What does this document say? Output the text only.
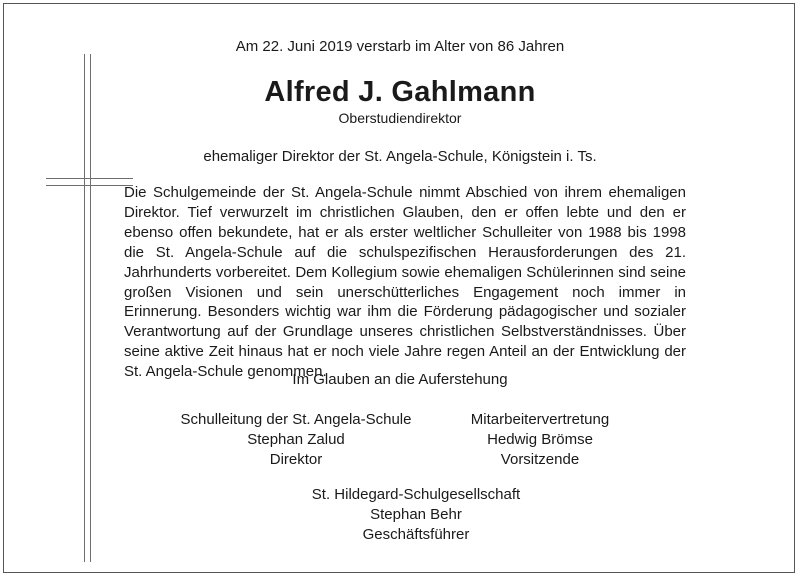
Am 22. Juni 2019 verstarb im Alter von 86 Jahren
Alfred J. Gahlmann
Oberstudiendirektor
ehemaliger Direktor der St. Angela-Schule, Königstein i. Ts.

Die Schulgemeinde der St. Angela-Schule nimmt Abschied von ihrem ehemaligen Direktor. Tief verwurzelt im christlichen Glauben, den er offen lebte und den er ebenso offen bekundete, hat er als erster weltlicher Schulleiter von 1988 bis 1998 die St. Angela-Schule auf die schulspezifischen Herausforderungen des 21. Jahrhunderts vorbereitet. Dem Kollegium sowie ehemaligen Schülerinnen sind seine großen Visionen und sein unerschütterliches Engagement noch immer in Erinnerung. Besonders wichtig war ihm die Förderung pädagogischer und sozialer Verantwortung auf der Grundlage unseres christlichen Selbstverständnisses. Über seine aktive Zeit hinaus hat er noch viele Jahre regen Anteil an der Entwicklung der St. Angela-Schule genommen.

Im Glauben an die Auferstehung
Schulleitung der St. Angela-Schule
Stephan Zalud
Direktor
Mitarbeitervertretung
Hedwig Brömse
Vorsitzende
St. Hildegard-Schulgesellschaft
Stephan Behr
Geschäftsführer
